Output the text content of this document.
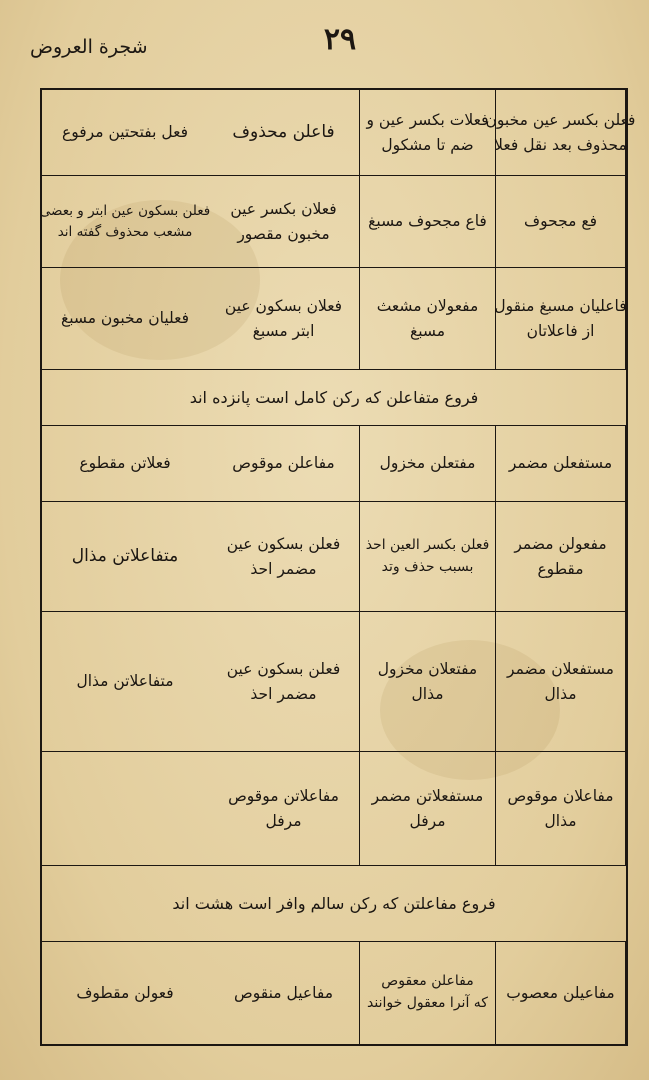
۲۹
شجرة العروض
فعلن بکسر عین مخبون
محذوف بعد نقل فعلا
فعلات بکسر عین و
ضم تا مشکول
فاعلن محذوف
فعل بفتحتین مرفوع
فع مجحوف
فاع مجحوف مسبغ
فعلان بکسر عین
مخبون مقصور
فعلن بسکون عین ابتر و بعضی
مشعب محذوف گفته اند
فاعلیان مسبغ منقول
از فاعلاتان
مفعولان مشعث
مسبغ
فعلان بسکون عین
ابتر مسبغ
فعلیان مخبون مسبغ
فروع متفاعلن که رکن کامل است پانزده اند
مستفعلن مضمر
مفتعلن مخزول
مفاعلن موقوص
فعلاتن مقطوع
مفعولن مضمر
مقطوع
فعلن بکسر العین احذ
بسبب حذف وتد
فعلن بسکون عین
مضمر احذ
متفاعلاتن مذال
مستفعلان مضمر
مذال
مفتعلان مخزول
مذال
فعلن بسکون عین
مضمر احذ
متفاعلاتن مذال
مفاعلان موقوص
مذال
مستفعلاتن مضمر
مرفل
مفاعلاتن موقوص
مرفل
فروع مفاعلتن که رکن سالم وافر است هشت اند
مفاعیلن معصوب
مفاعلن معقوص
که آنرا معقول خوانند
مفاعیل منقوص
فعولن مقطوف
